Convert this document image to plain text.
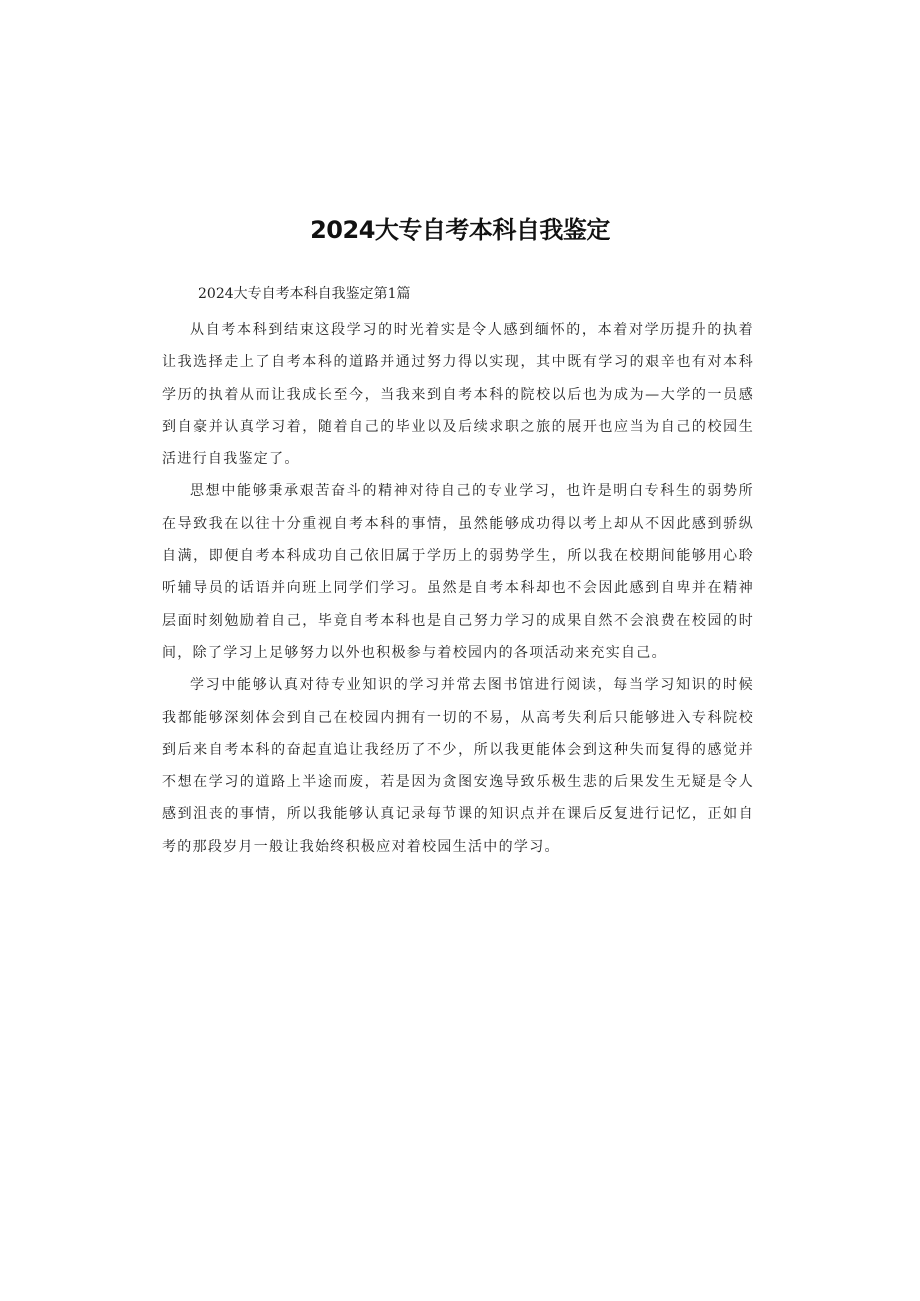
2024大专自考本科自我鉴定

2024大专自考本科自我鉴定第1篇

从自考本科到结束这段学习的时光着实是令人感到缅怀的，本着对学历提升的执着让我选择走上了自考本科的道路并通过努力得以实现，其中既有学习的艰辛也有对本科学历的执着从而让我成长至今，当我来到自考本科的院校以后也为成为—大学的一员感到自豪并认真学习着，随着自己的毕业以及后续求职之旅的展开也应当为自己的校园生活进行自我鉴定了。

思想中能够秉承艰苦奋斗的精神对待自己的专业学习，也许是明白专科生的弱势所在导致我在以往十分重视自考本科的事情，虽然能够成功得以考上却从不因此感到骄纵自满，即便自考本科成功自己依旧属于学历上的弱势学生，所以我在校期间能够用心聆听辅导员的话语并向班上同学们学习。虽然是自考本科却也不会因此感到自卑并在精神层面时刻勉励着自己，毕竟自考本科也是自己努力学习的成果自然不会浪费在校园的时间，除了学习上足够努力以外也积极参与着校园内的各项活动来充实自己。

学习中能够认真对待专业知识的学习并常去图书馆进行阅读，每当学习知识的时候我都能够深刻体会到自己在校园内拥有一切的不易，从高考失利后只能够进入专科院校到后来自考本科的奋起直追让我经历了不少，所以我更能体会到这种失而复得的感觉并不想在学习的道路上半途而废，若是因为贪图安逸导致乐极生悲的后果发生无疑是令人感到沮丧的事情，所以我能够认真记录每节课的知识点并在课后反复进行记忆，正如自考的那段岁月一般让我始终积极应对着校园生活中的学习。
